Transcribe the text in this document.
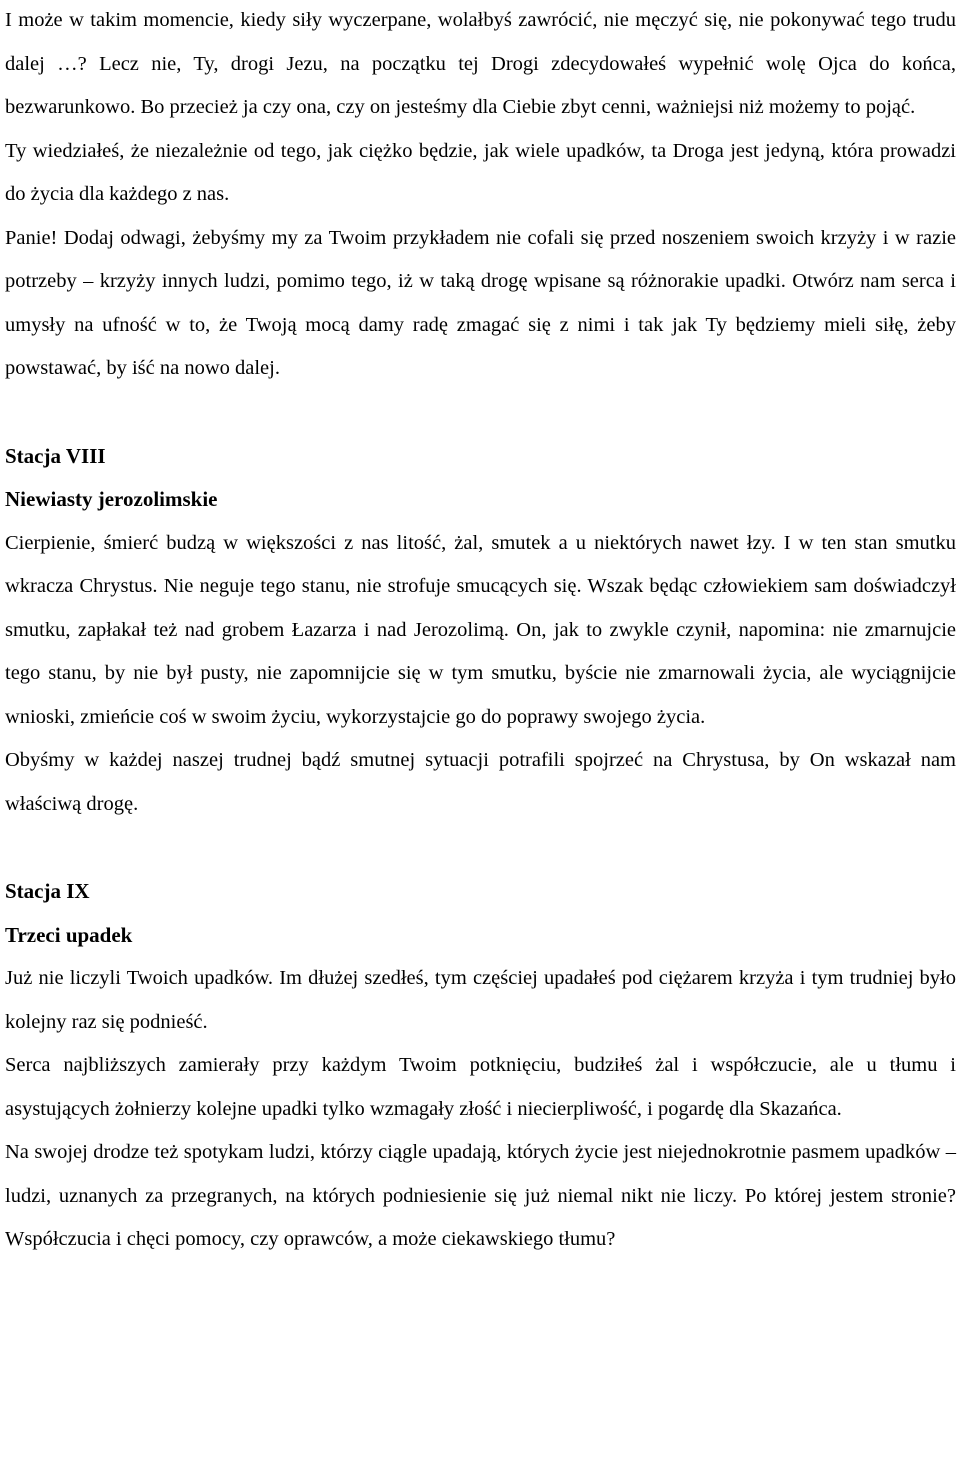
I może w takim momencie, kiedy siły wyczerpane, wolałbyś zawrócić, nie męczyć się, nie pokonywać tego trudu dalej …? Lecz nie, Ty, drogi Jezu, na początku tej Drogi zdecydowałeś wypełnić wolę Ojca do końca, bezwarunkowo. Bo przecież ja czy ona, czy on jesteśmy dla Ciebie zbyt cenni, ważniejsi niż możemy to pojąć.

Ty wiedziałeś, że niezależnie od tego, jak ciężko będzie, jak wiele upadków, ta Droga jest jedyną, która prowadzi do życia dla każdego z nas.

Panie! Dodaj odwagi, żebyśmy my za Twoim przykładem nie cofali się przed noszeniem swoich krzyży i w razie potrzeby – krzyży innych ludzi, pomimo tego, iż w taką drogę wpisane są różnorakie upadki. Otwórz nam serca i umysły na ufność w to, że Twoją mocą damy radę zmagać się z nimi i tak jak Ty będziemy mieli siłę, żeby powstawać, by iść na nowo dalej.

Stacja VIII
Niewiasty jerozolimskie

Cierpienie, śmierć budzą w większości z nas litość, żal, smutek a u niektórych nawet łzy. I w ten stan smutku wkracza Chrystus. Nie neguje tego stanu, nie strofuje smucących się. Wszak będąc człowiekiem sam doświadczył smutku, zapłakał też nad grobem Łazarza i nad Jerozolimą. On, jak to zwykle czynił, napomina: nie zmarnujcie tego stanu, by nie był pusty, nie zapomnijcie się w tym smutku, byście nie zmarnowali życia, ale wyciągnijcie wnioski, zmieńcie coś w swoim życiu, wykorzystajcie go do poprawy swojego życia.

Obyśmy w każdej naszej trudnej bądź smutnej sytuacji potrafili spojrzeć na Chrystusa, by On wskazał nam właściwą drogę.

Stacja IX
Trzeci upadek

Już nie liczyli Twoich upadków. Im dłużej szedłeś, tym częściej upadałeś pod ciężarem krzyża i tym trudniej było kolejny raz się podnieść.

Serca najbliższych zamierały przy każdym Twoim potknięciu, budziłeś żal i współczucie, ale u tłumu i asystujących żołnierzy kolejne upadki tylko wzmagały złość i niecierpliwość, i pogardę dla Skazańca.

Na swojej drodze też spotykam ludzi, którzy ciągle upadają, których życie jest niejednokrotnie pasmem upadków – ludzi, uznanych za przegranych, na których podniesienie się już niemal nikt nie liczy. Po której jestem stronie? Współczucia i chęci pomocy, czy oprawców, a może ciekawskiego tłumu?
